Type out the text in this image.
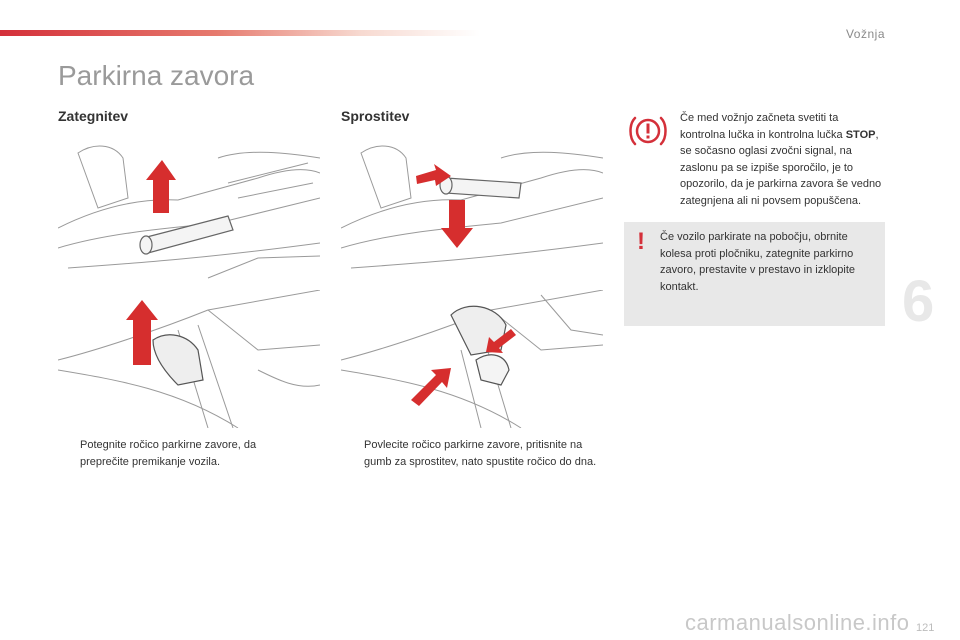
Vožnja
Parkirna zavora
Zategnitev	Sprostitev
Potegnite ročico parkirne zavore, da preprečite premikanje vozila.
Povlecite ročico parkirne zavore, pritisnite na gumb za sprostitev, nato spustite ročico do dna.
Če med vožnjo začneta svetiti ta kontrolna lučka in kontrolna lučka STOP, se sočasno oglasi zvočni signal, na zaslonu pa se izpiše sporočilo, je to opozorilo, da je parkirna zavora še vedno zategnjena ali ni povsem popuščena.
! Če vozilo parkirate na pobočju, obrnite kolesa proti pločniku, zategnite parkirno zavoro, prestavite v prestavo in izklopite kontakt.	6
carmanualsonline.info 121
